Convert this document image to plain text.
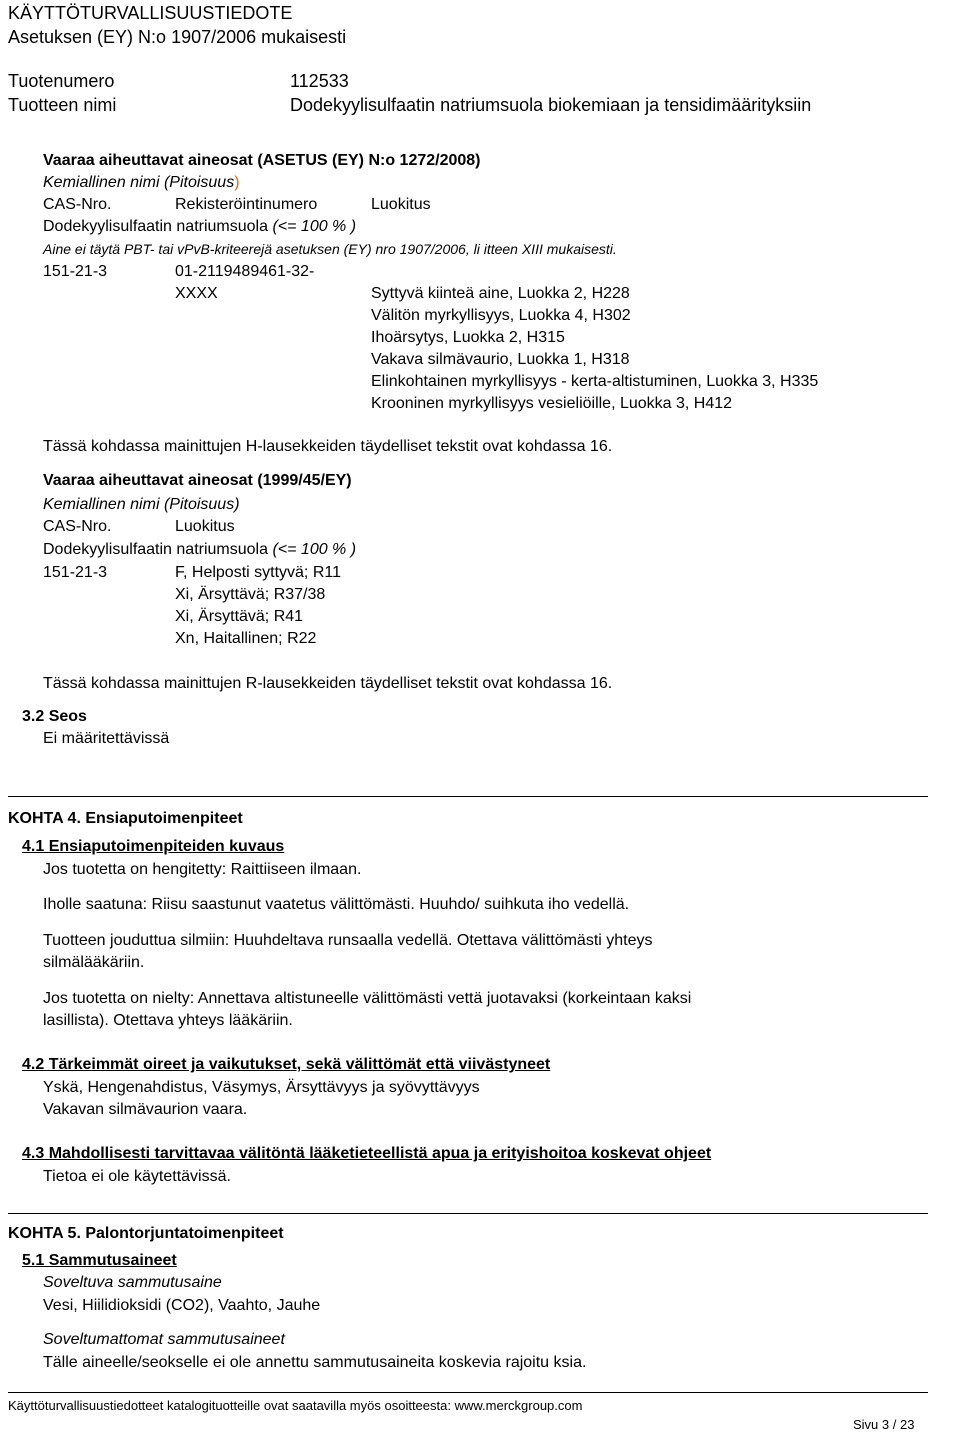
KÄYTTÖTURVALLISUUSTIEDOTE
Asetuksen (EY) N:o 1907/2006 mukaisesti
Tuotenumero	112533
Tuotteen nimi	Dodekyylisulfaatin natriumsuola biokemiaan ja tensidimäärityksiin
Vaaraa aiheuttavat aineosat (ASETUS (EY) N:o 1272/2008)
Kemiallinen nimi (Pitoisuus)
CAS-Nro.	Rekisteröintinumero	Luokitus
Dodekyylisulfaatin natriumsuola (<= 100 % )
Aine ei täytä PBT- tai vPvB-kriteerejä asetuksen (EY) nro 1907/2006, li itteen XIII mukaisesti.
151-21-3	01-2119489461-32-
XXXX	Syttyvä kiinteä aine, Luokka 2, H228
Välitön myrkyllisyys, Luokka 4, H302
Ihoärsytys, Luokka 2, H315
Vakava silmävaurio, Luokka 1, H318
Elinkohtainen myrkyllisyys - kerta-altistuminen, Luokka 3, H335
Krooninen myrkyllisyys vesieliöille, Luokka 3, H412
Tässä kohdassa mainittujen H-lausekkeiden täydelliset tekstit ovat kohdassa 16.
Vaaraa aiheuttavat aineosat (1999/45/EY)
Kemiallinen nimi (Pitoisuus)
CAS-Nro.	Luokitus
Dodekyylisulfaatin natriumsuola (<= 100 % )
151-21-3	F, Helposti syttyvä; R11
Xi, Ärsyttävä; R37/38
Xi, Ärsyttävä; R41
Xn, Haitallinen; R22
Tässä kohdassa mainittujen R-lausekkeiden täydelliset tekstit ovat kohdassa 16.
3.2 Seos
Ei määritettävissä
KOHTA 4. Ensiaputoimenpiteet
4.1 Ensiaputoimenpiteiden kuvaus
Jos tuotetta on hengitetty: Raittiiseen ilmaan.
Iholle saatuna: Riisu saastunut vaatetus välittömästi. Huuhdo/ suihkuta iho vedellä.
Tuotteen jouduttua silmiin: Huuhdeltava runsaalla vedellä. Otettava välittömästi yhteys
silmälääkäriin.
Jos tuotetta on nielty: Annettava altistuneelle välittömästi vettä juotavaksi (korkeintaan kaksi
lasillista). Otettava yhteys lääkäriin.
4.2 Tärkeimmät oireet ja vaikutukset, sekä välittömät että viivästyneet
Yskä, Hengenahdistus, Väsymys, Ärsyttävyys ja syövyttävyys
Vakavan silmävaurion vaara.
4.3 Mahdollisesti tarvittavaa välitöntä lääketieteellistä apua ja erityishoitoa koskevat ohjeet
Tietoa ei ole käytettävissä.
KOHTA 5. Palontorjuntatoimenpiteet
5.1 Sammutusaineet
Soveltuva sammutusaine
Vesi, Hiilidioksidi (CO2), Vaahto, Jauhe
Soveltumattomat sammutusaineet
Tälle aineelle/seokselle ei ole annettu sammutusaineita koskevia rajoitu ksia.
Käyttöturvallisuustiedotteet katalogituotteille ovat saatavilla myös osoitteesta: www.merckgroup.com
Sivu 3 / 23
